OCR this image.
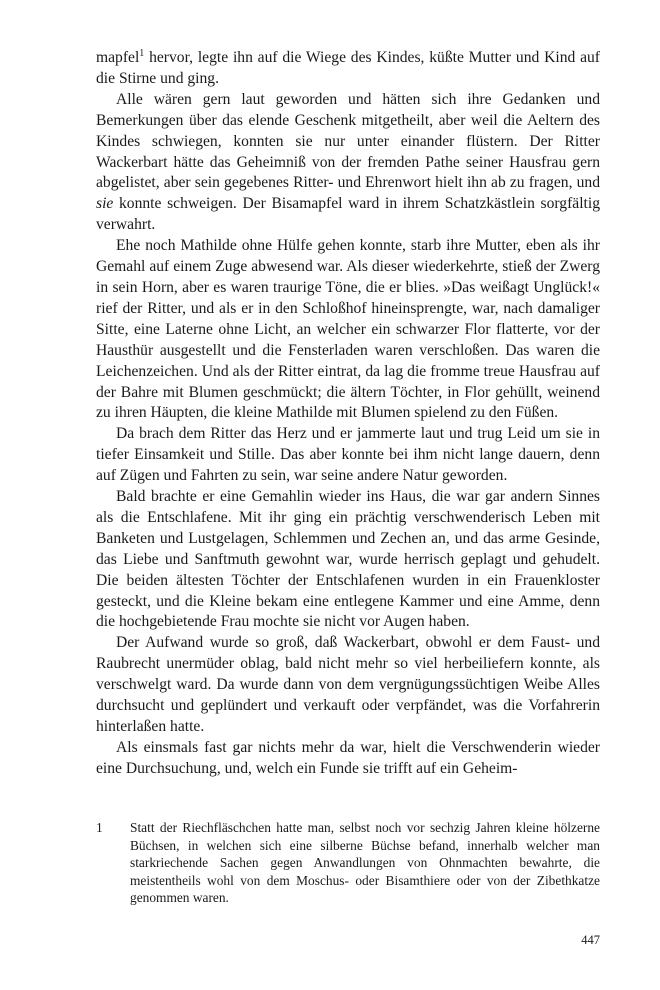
mapfel$^1$ hervor, legte ihn auf die Wiege des Kindes, küßte Mutter und Kind auf die Stirne und ging.

Alle wären gern laut geworden und hätten sich ihre Gedanken und Bemerkungen über das elende Geschenk mitgetheilt, aber weil die Aeltern des Kindes schwiegen, konnten sie nur unter einander flüstern. Der Ritter Wackerbart hätte das Geheimniß von der fremden Pathe seiner Hausfrau gern abgelistet, aber sein gegebenes Ritter- und Ehrenwort hielt ihn ab zu fragen, und sie konnte schweigen. Der Bisamapfel ward in ihrem Schatzkästlein sorgfältig verwahrt.

Ehe noch Mathilde ohne Hülfe gehen konnte, starb ihre Mutter, eben als ihr Gemahl auf einem Zuge abwesend war. Als dieser wiederkehrte, stieß der Zwerg in sein Horn, aber es waren traurige Töne, die er blies. »Das weißagt Unglück!« rief der Ritter, und als er in den Schloßhof hineinsprengte, war, nach damaliger Sitte, eine Laterne ohne Licht, an welcher ein schwarzer Flor flatterte, vor der Hausthür ausgestellt und die Fensterladen waren verschloßen. Das waren die Leichenzeichen. Und als der Ritter eintrat, da lag die fromme treue Hausfrau auf der Bahre mit Blumen geschmückt; die ältern Töchter, in Flor gehüllt, weinend zu ihren Häupten, die kleine Mathilde mit Blumen spielend zu den Füßen.

Da brach dem Ritter das Herz und er jammerte laut und trug Leid um sie in tiefer Einsamkeit und Stille. Das aber konnte bei ihm nicht lange dauern, denn auf Zügen und Fahrten zu sein, war seine andere Natur geworden.

Bald brachte er eine Gemahlin wieder ins Haus, die war gar andern Sinnes als die Entschlafene. Mit ihr ging ein prächtig verschwenderisch Leben mit Banketen und Lustgelagen, Schlemmen und Zechen an, und das arme Gesinde, das Liebe und Sanftmuth gewohnt war, wurde herrisch geplagt und gehudelt. Die beiden ältesten Töchter der Entschlafenen wurden in ein Frauenkloster gesteckt, und die Kleine bekam eine entlegene Kammer und eine Amme, denn die hochgebietende Frau mochte sie nicht vor Augen haben.

Der Aufwand wurde so groß, daß Wackerbart, obwohl er dem Faust- und Raubrecht unermüder oblag, bald nicht mehr so viel herbeiliefern konnte, als verschwelgt ward. Da wurde dann von dem vergnügungssüchtigen Weibe Alles durchsucht und geplündert und verkauft oder verpfändet, was die Vorfahrerin hinterlaßen hatte.

Als einsmals fast gar nichts mehr da war, hielt die Verschwenderin wieder eine Durchsuchung, und, welch ein Funde sie trifft auf ein Geheim-

1 Statt der Riechfläschchen hatte man, selbst noch vor sechzig Jahren kleine hölzerne Büchsen, in welchen sich eine silberne Büchse befand, innerhalb welcher man starkriechende Sachen gegen Anwandlungen von Ohnmachten bewahrte, die meistentheils wohl von dem Moschus- oder Bisamthiere oder von der Zibethkatze genommen waren.
447
